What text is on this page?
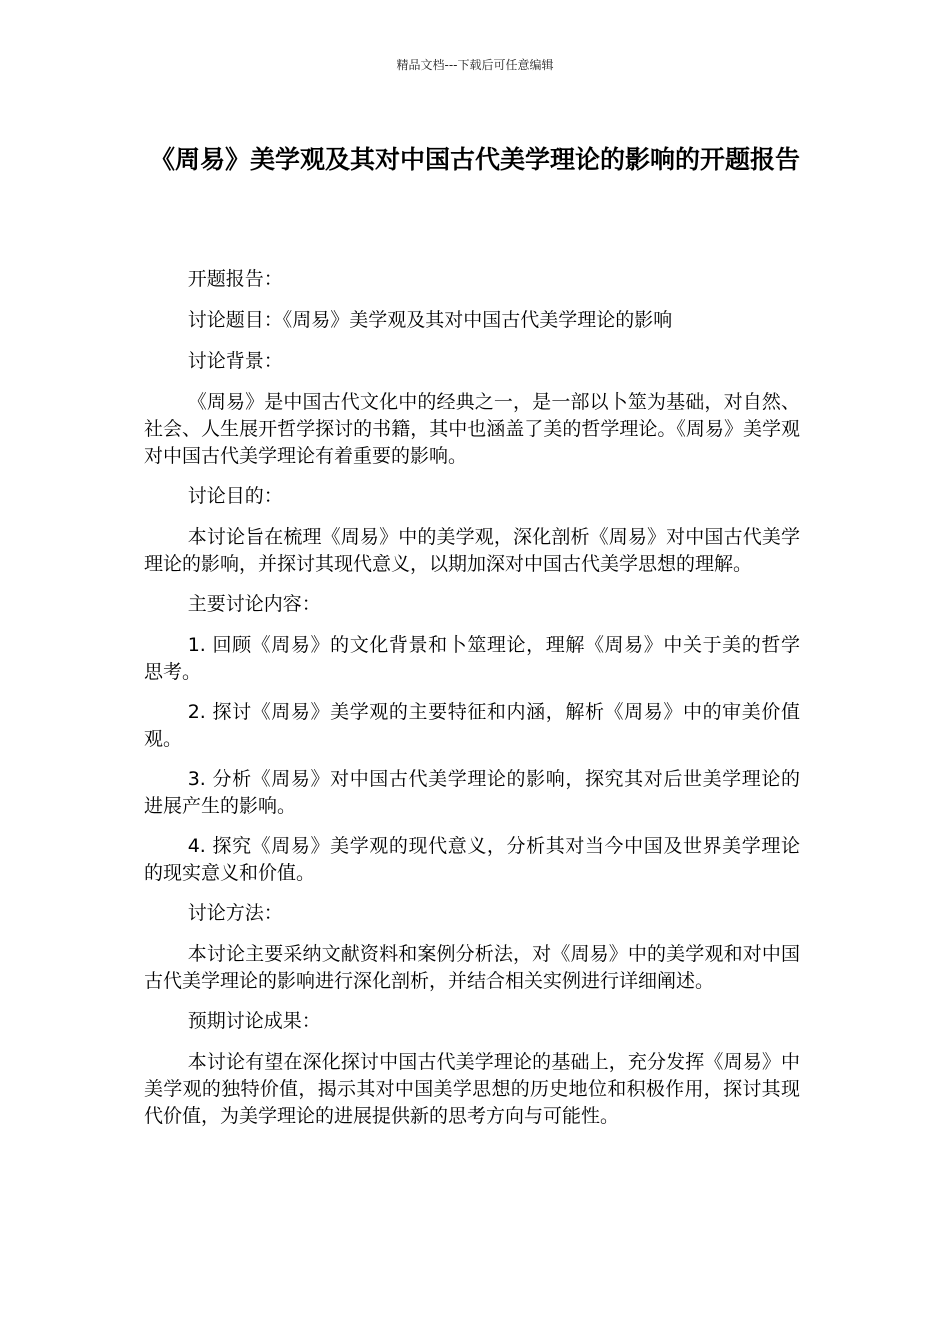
精品文档---下载后可任意编辑
《周易》美学观及其对中国古代美学理论的影响的开题报告

开题报告：

讨论题目：《周易》美学观及其对中国古代美学理论的影响

讨论背景：

《周易》是中国古代文化中的经典之一，是一部以卜筮为基础，对自然、社会、人生展开哲学探讨的书籍，其中也涵盖了美的哲学理论。《周易》美学观对中国古代美学理论有着重要的影响。

讨论目的：

本讨论旨在梳理《周易》中的美学观，深化剖析《周易》对中国古代美学理论的影响，并探讨其现代意义，以期加深对中国古代美学思想的理解。

主要讨论内容：

1. 回顾《周易》的文化背景和卜筮理论，理解《周易》中关于美的哲学思考。

2. 探讨《周易》美学观的主要特征和内涵，解析《周易》中的审美价值观。

3. 分析《周易》对中国古代美学理论的影响，探究其对后世美学理论的进展产生的影响。

4. 探究《周易》美学观的现代意义，分析其对当今中国及世界美学理论的现实意义和价值。

讨论方法：

本讨论主要采纳文献资料和案例分析法，对《周易》中的美学观和对中国古代美学理论的影响进行深化剖析，并结合相关实例进行详细阐述。

预期讨论成果：

本讨论有望在深化探讨中国古代美学理论的基础上，充分发挥《周易》中美学观的独特价值，揭示其对中国美学思想的历史地位和积极作用，探讨其现代价值，为美学理论的进展提供新的思考方向与可能性。
